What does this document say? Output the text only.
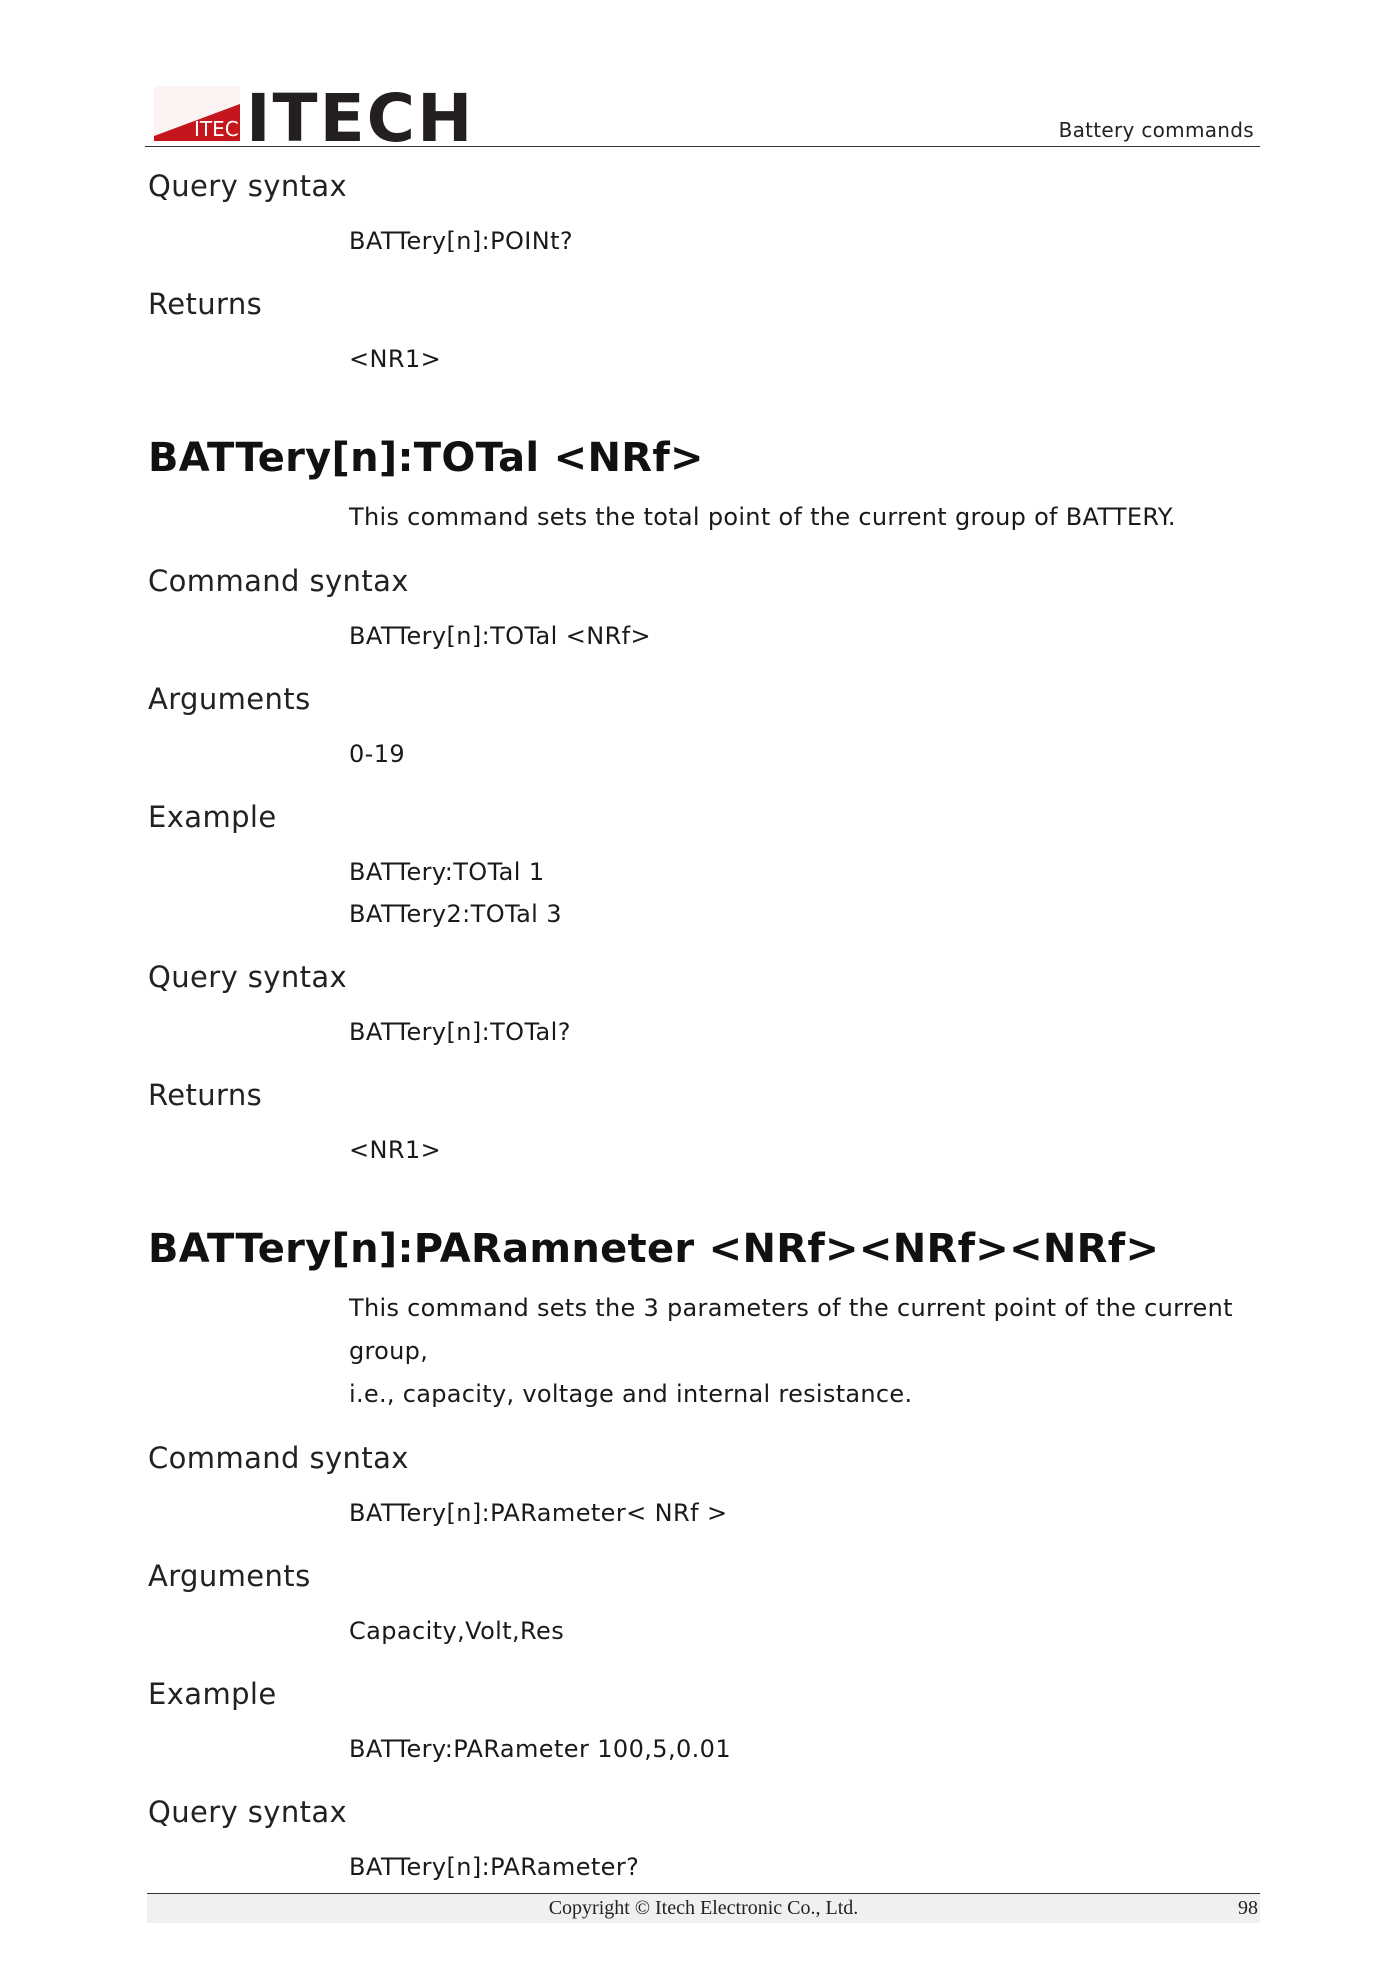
ITECH
ITECH	Battery commands
Query syntax
BATTery[n]:POINt?
Returns
<NR1>
BATTery[n]:TOTal <NRf>
This command sets the total point of the current group of BATTERY.
Command syntax
BATTery[n]:TOTal <NRf>
Arguments
0-19
Example
BATTery:TOTal 1
BATTery2:TOTal 3
Query syntax
BATTery[n]:TOTal?
Returns
<NR1>
BATTery[n]:PARamneter <NRf><NRf><NRf>
This command sets the 3 parameters of the current point of the current group,
i.e., capacity, voltage and internal resistance.
Command syntax
BATTery[n]:PARameter< NRf >
Arguments
Capacity,Volt,Res
Example
BATTery:PARameter 100,5,0.01
Query syntax
BATTery[n]:PARameter?
Copyright © Itech Electronic Co., Ltd.	98
